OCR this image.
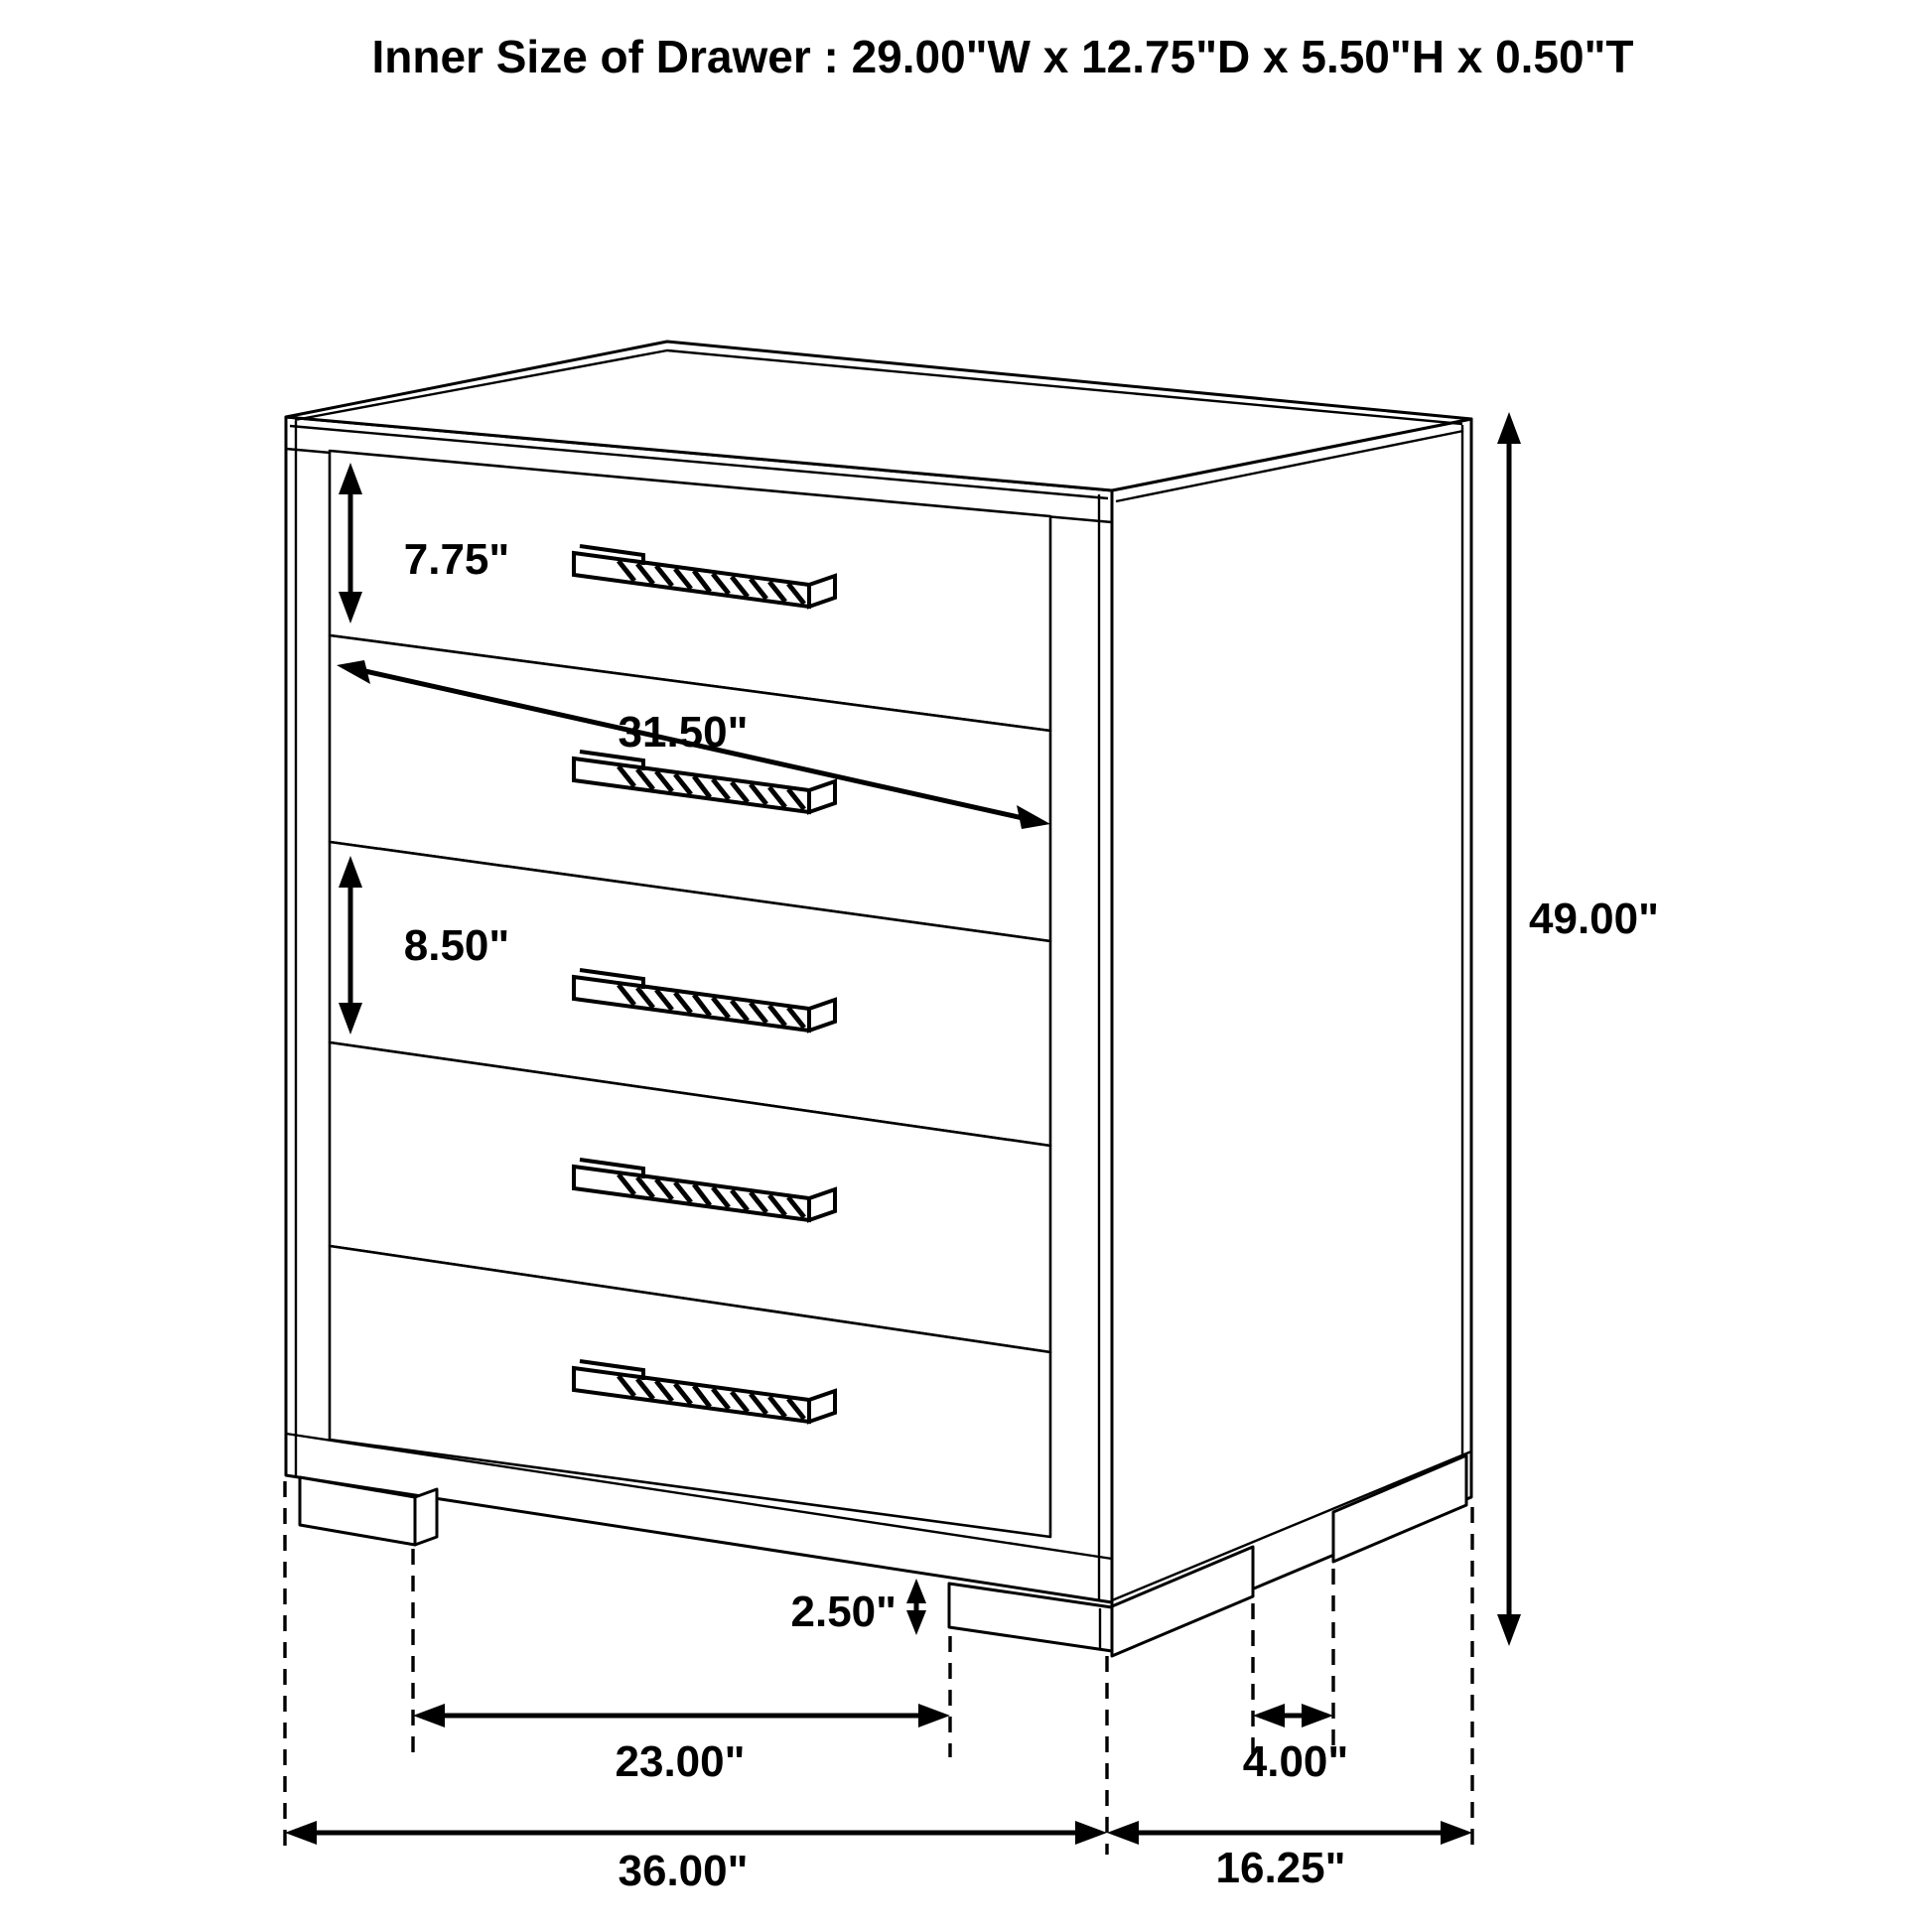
7.75"
31.50"
8.50"
49.00"
2.50"
23.00"	4.00"
36.00"	16.25"
Inner Size of Drawer : 29.00"W x 12.75"D x 5.50"H x 0.50"T
